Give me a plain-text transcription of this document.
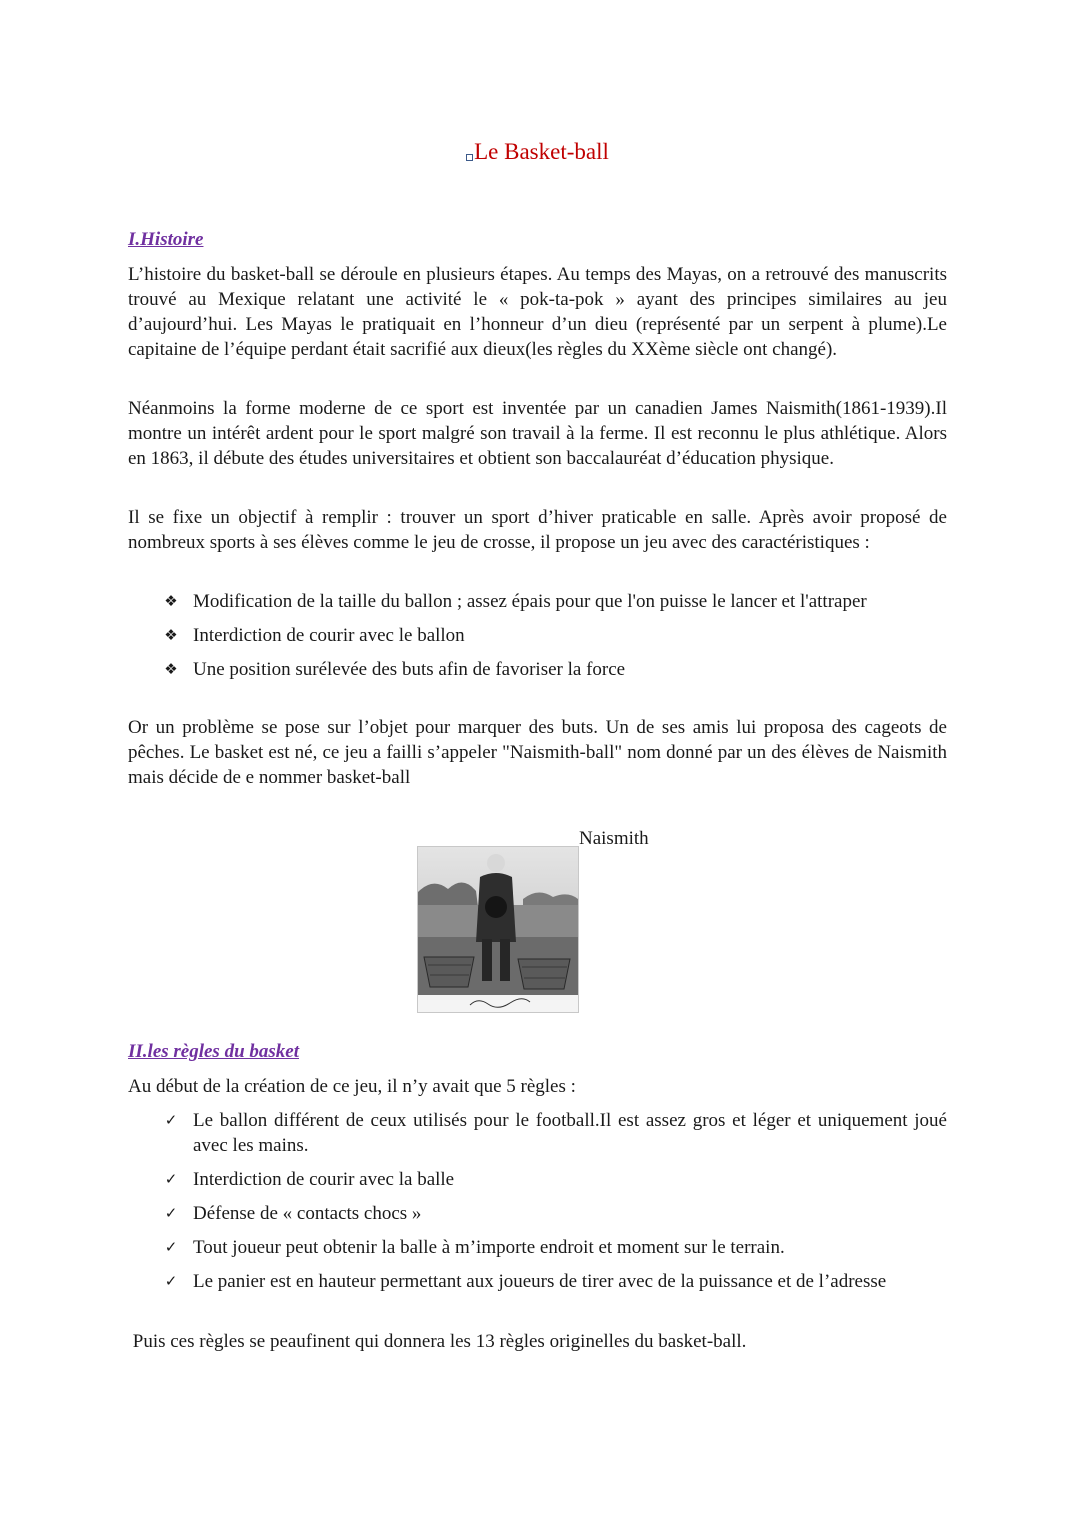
Le Basket-ball
I.Histoire

L’histoire du basket-ball se déroule en plusieurs étapes. Au temps des Mayas, on a retrouvé des manuscrits trouvé au Mexique relatant une activité le « pok-ta-pok » ayant des principes similaires au jeu d’aujourd’hui. Les Mayas le pratiquait en l’honneur d’un dieu (représenté par un serpent à plume).Le capitaine de l’équipe perdant était sacrifié aux dieux(les règles du XXème siècle ont changé).

Néanmoins la forme moderne de ce sport est inventée par un canadien James Naismith(1861-1939).Il montre un intérêt ardent pour le sport malgré son travail à la ferme. Il est reconnu le plus athlétique. Alors en 1863, il débute des études universitaires et obtient son baccalauréat d’éducation physique.

Il se fixe un objectif à remplir : trouver un sport d’hiver praticable en salle. Après avoir proposé de nombreux sports à ses élèves comme le jeu de crosse, il propose un jeu avec des caractéristiques :

❖ Modification de la taille du ballon ; assez épais pour que l'on puisse le lancer et l'attraper
❖ Interdiction de courir avec le ballon
❖ Une position surélevée des buts afin de favoriser la force

Or un problème se pose sur l’objet pour marquer des buts. Un de ses amis lui proposa des cageots de pêches. Le basket est né, ce jeu a failli s’appeler "Naismith-ball" nom donné par un des élèves de Naismith mais décide de e nommer basket-ball

Naismith
II.les règles du basket

Au début de la création de ce jeu, il n’y avait que 5 règles :

✓ Le ballon différent de ceux utilisés pour le football.Il est assez gros et léger et uniquement joué avec les mains.
✓ Interdiction de courir avec la balle
✓ Défense de « contacts chocs »
✓ Tout joueur peut obtenir la balle à m’importe endroit et moment sur le terrain.
✓ Le panier est en hauteur permettant aux joueurs de tirer avec de la puissance et de l’adresse

Puis ces règles se peaufinent qui donnera les 13 règles originelles du basket-ball.
